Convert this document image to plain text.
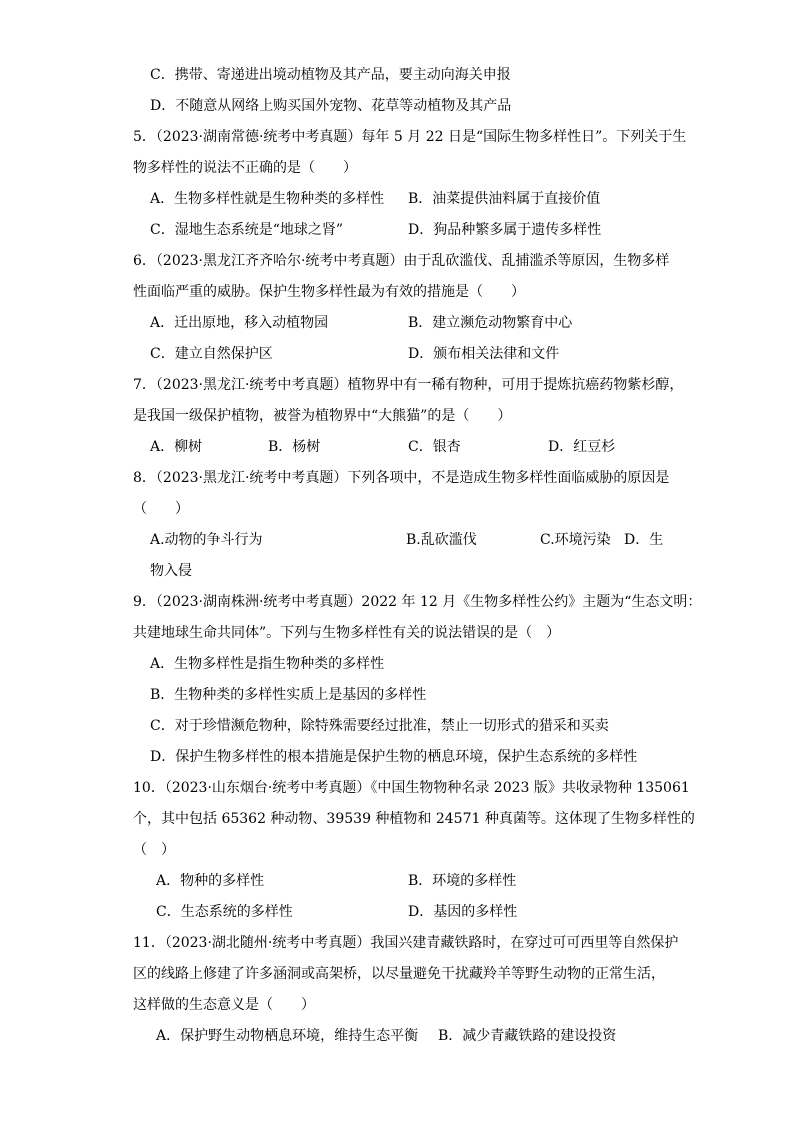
C．携带、寄递进出境动植物及其产品，要主动向海关申报
D．不随意从网络上购买国外宠物、花草等动植物及其产品
5．（2023·湖南常德·统考中考真题）每年 5 月 22 日是“国际生物多样性日”。下列关于生
物多样性的说法不正确的是（　　）
A．生物多样性就是生物种类的多样性 B．油菜提供油料属于直接价值
C．湿地生态系统是“地球之肾”	D．狗品种繁多属于遗传多样性
6．（2023·黑龙江齐齐哈尔·统考中考真题）由于乱砍滥伐、乱捕滥杀等原因，生物多样
性面临严重的威胁。保护生物多样性最为有效的措施是（　　）
A．迁出原地，移入动植物园	B．建立濒危动物繁育中心
C．建立自然保护区	D．颁布相关法律和文件
7．（2023·黑龙江·统考中考真题）植物界中有一稀有物种，可用于提炼抗癌药物紫杉醇，
是我国一级保护植物，被誉为植物界中“大熊猫”的是（　　）
A．柳树	B．杨树	C．银杏	D．红豆杉
8．（2023·黑龙江·统考中考真题）下列各项中，不是造成生物多样性面临威胁的原因是
（　　）
A.动物的争斗行为	B.乱砍滥伐	C.环境污染 D．生
物入侵
9．（2023·湖南株洲·统考中考真题）2022 年 12 月《生物多样性公约》主题为“生态文明：
共建地球生命共同体”。下列与生物多样性有关的说法错误的是（　）
A．生物多样性是指生物种类的多样性
B．生物种类的多样性实质上是基因的多样性
C．对于珍惜濒危物种，除特殊需要经过批准，禁止一切形式的猎采和买卖
D．保护生物多样性的根本措施是保护生物的栖息环境，保护生态系统的多样性
10．（2023·山东烟台·统考中考真题）《中国生物物种名录 2023 版》共收录物种 135061
个，其中包括 65362 种动物、39539 种植物和 24571 种真菌等。这体现了生物多样性的
（　）
A．物种的多样性	B．环境的多样性
C．生态系统的多样性	D．基因的多样性
11．（2023·湖北随州·统考中考真题）我国兴建青藏铁路时，在穿过可可西里等自然保护
区的线路上修建了许多涵洞或高架桥，以尽量避免干扰藏羚羊等野生动物的正常生活，
这样做的生态意义是（　　）
A．保护野生动物栖息环境，维持生态平衡 B．减少青藏铁路的建设投资
